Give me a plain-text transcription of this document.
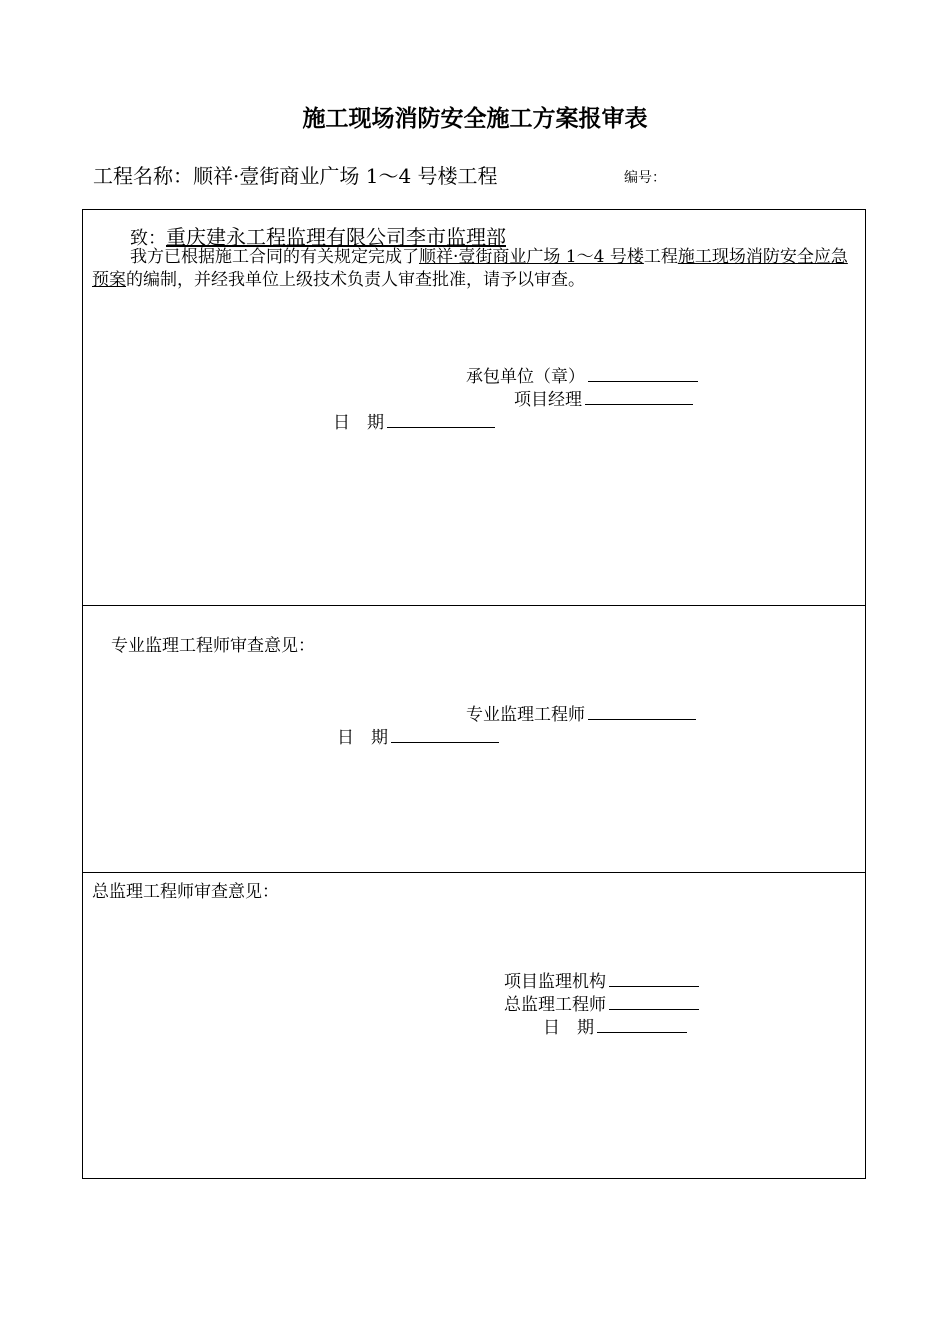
施工现场消防安全施工方案报审表
工程名称：顺祥·壹街商业广场 1～4 号楼工程	编号：
致：重庆建永工程监理有限公司李市监理部
我方已根据施工合同的有关规定完成了顺祥·壹街商业广场 1～4 号楼工程施工现场消防安全应急预案的编制，并经我单位上级技术负责人审查批准，请予以审查。
承包单位（章）
项目经理
日　期
专业监理工程师审查意见：
专业监理工程师
日　期
总监理工程师审查意见：
项目监理机构
总监理工程师
日　期
